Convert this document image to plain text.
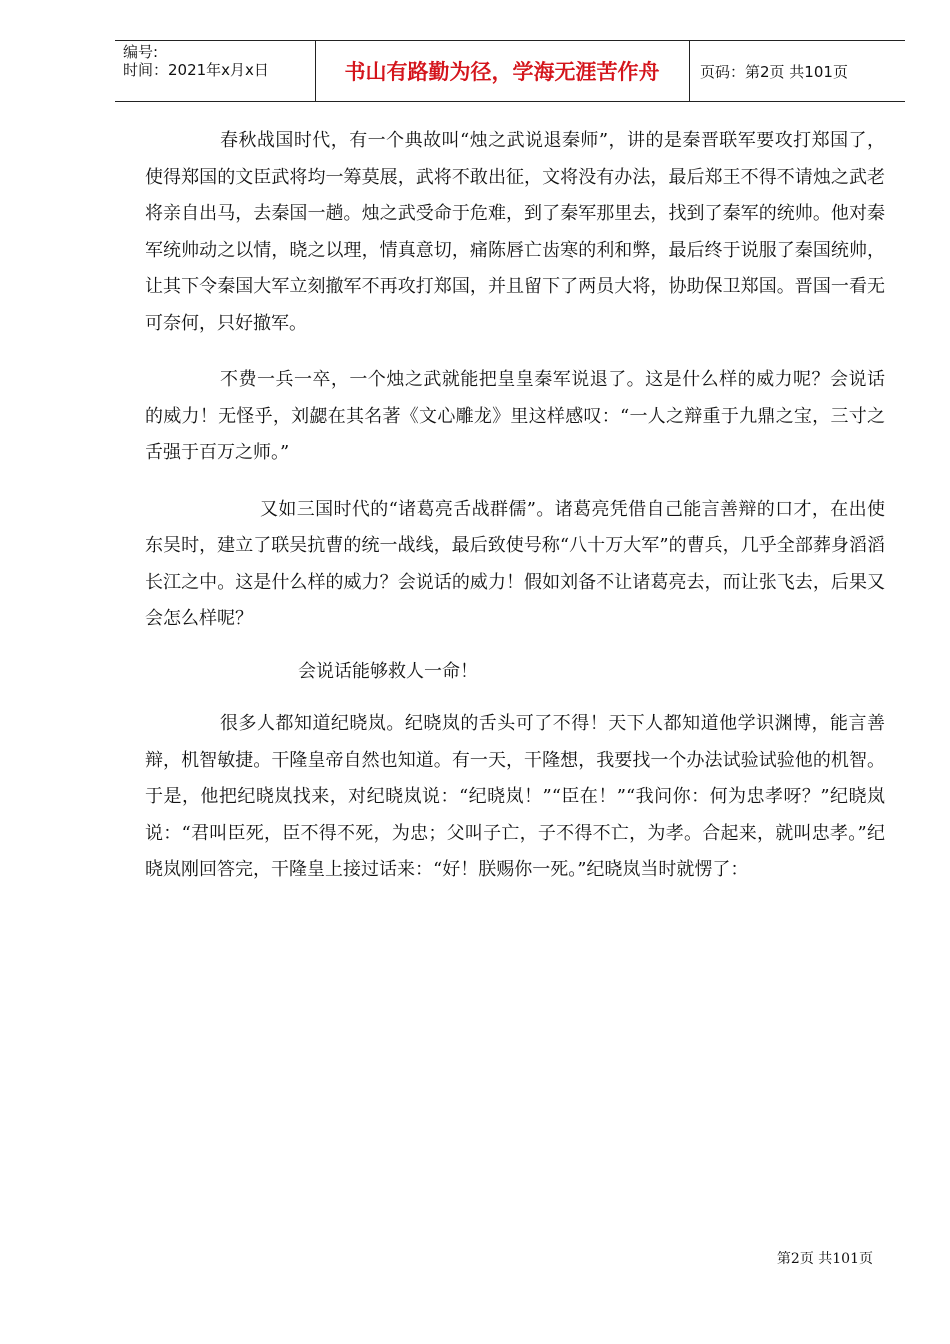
编号:
时间：2021年x月x日	书山有路勤为径，学海无涯苦作舟	页码：第2页 共101页

春秋战国时代，有一个典故叫“烛之武说退秦师”，讲的是秦晋联军要攻打郑国了，使得郑国的文臣武将均一筹莫展，武将不敢出征，文将没有办法，最后郑王不得不请烛之武老将亲自出马，去秦国一趟。烛之武受命于危难，到了秦军那里去，找到了秦军的统帅。他对秦军统帅动之以情，晓之以理，情真意切，痛陈唇亡齿寒的利和弊，最后终于说服了秦国统帅，让其下令秦国大军立刻撤军不再攻打郑国，并且留下了两员大将，协助保卫郑国。晋国一看无可奈何，只好撤军。

不费一兵一卒，一个烛之武就能把皇皇秦军说退了。这是什么样的威力呢？会说话的威力！无怪乎，刘勰在其名著《文心雕龙》里这样感叹：“一人之辩重于九鼎之宝，三寸之舌强于百万之师。”

又如三国时代的“诸葛亮舌战群儒”。诸葛亮凭借自己能言善辩的口才，在出使东吴时，建立了联吴抗曹的统一战线，最后致使号称“八十万大军”的曹兵，几乎全部葬身滔滔长江之中。这是什么样的威力？会说话的威力！假如刘备不让诸葛亮去，而让张飞去，后果又会怎么样呢？

会说话能够救人一命！

很多人都知道纪晓岚。纪晓岚的舌头可了不得！天下人都知道他学识渊博，能言善辩，机智敏捷。干隆皇帝自然也知道。有一天，干隆想，我要找一个办法试验试验他的机智。于是，他把纪晓岚找来，对纪晓岚说：“纪晓岚！”“臣在！”“我问你：何为忠孝呀？”纪晓岚说：“君叫臣死，臣不得不死，为忠；父叫子亡，子不得不亡，为孝。合起来，就叫忠孝。”纪晓岚刚回答完，干隆皇上接过话来：“好！朕赐你一死。”纪晓岚当时就愣了：

第2页 共101页
